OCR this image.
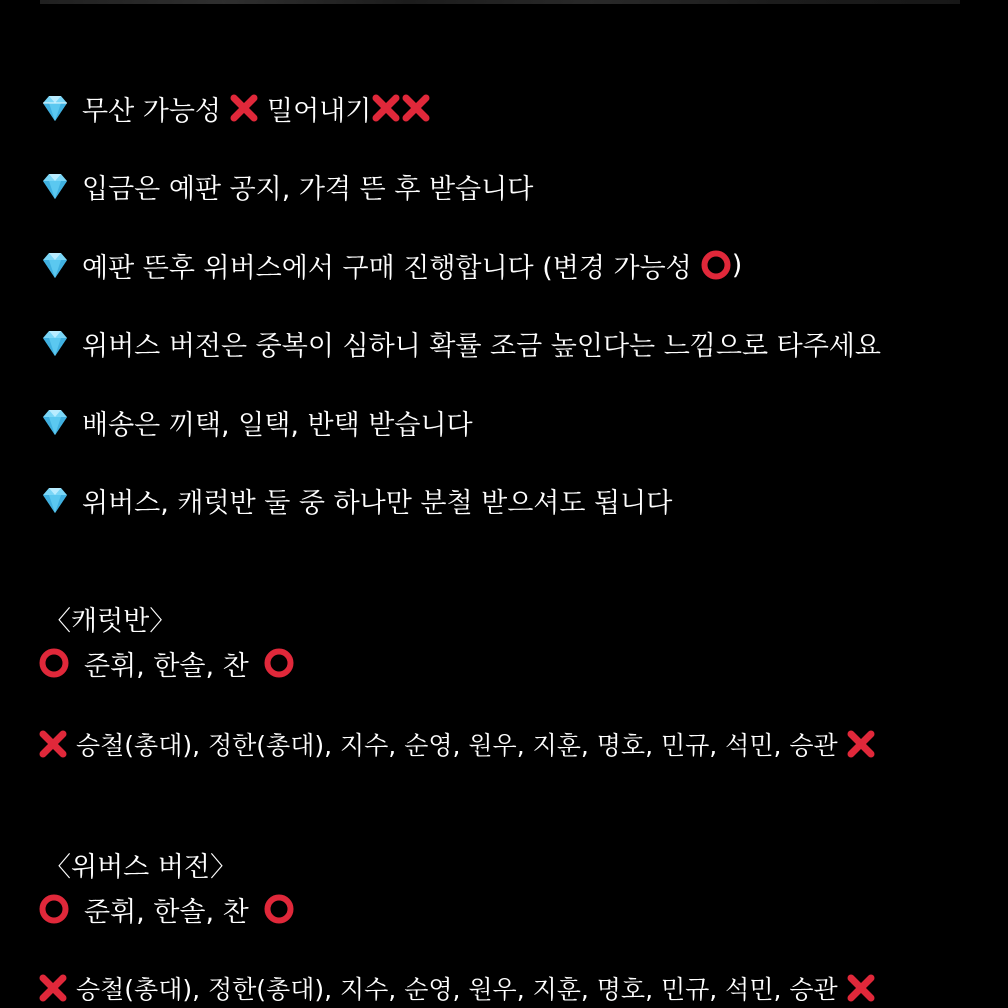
무산 가능성 밀어내기
입금은 예판 공지, 가격 뜬 후 받습니다
예판 뜬후 위버스에서 구매 진행합니다 (변경 가능성 )
위버스 버전은 중복이 심하니 확률 조금 높인다는 느낌으로 타주세요
배송은 끼택, 일택, 반택 받습니다
위버스, 캐럿반 둘 중 하나만 분철 받으셔도 됩니다
〈캐럿반〉
준휘, 한솔, 찬
승철(총대), 정한(총대), 지수, 순영, 원우, 지훈, 명호, 민규, 석민, 승관
〈위버스 버전〉
준휘, 한솔, 찬
승철(총대), 정한(총대), 지수, 순영, 원우, 지훈, 명호, 민규, 석민, 승관
